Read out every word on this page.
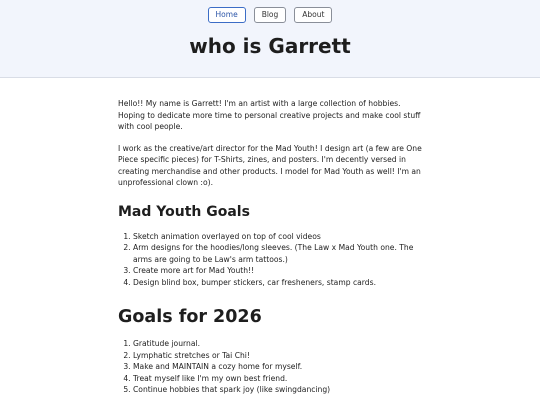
Home	Blog	About
who is Garrett

Hello!! My name is Garrett! I'm an artist with a large collection of hobbies. Hoping to dedicate more time to personal creative projects and make cool stuff with cool people.

I work as the creative/art director for the Mad Youth! I design art (a few are One Piece specific pieces) for T-Shirts, zines, and posters. I'm decently versed in creating merchandise and other products. I model for Mad Youth as well! I'm an unprofessional clown :o).

Mad Youth Goals
1. Sketch animation overlayed on top of cool videos
2. Arm designs for the hoodies/long sleeves. (The Law x Mad Youth one. The arms are going to be Law's arm tattoos.)
3. Create more art for Mad Youth!!
4. Design blind box, bumper stickers, car fresheners, stamp cards.
Goals for 2026
1. Gratitude journal.
2. Lymphatic stretches or Tai Chi!
3. Make and MAINTAIN a cozy home for myself.
4. Treat myself like I'm my own best friend.
5. Continue hobbies that spark joy (like swingdancing)
